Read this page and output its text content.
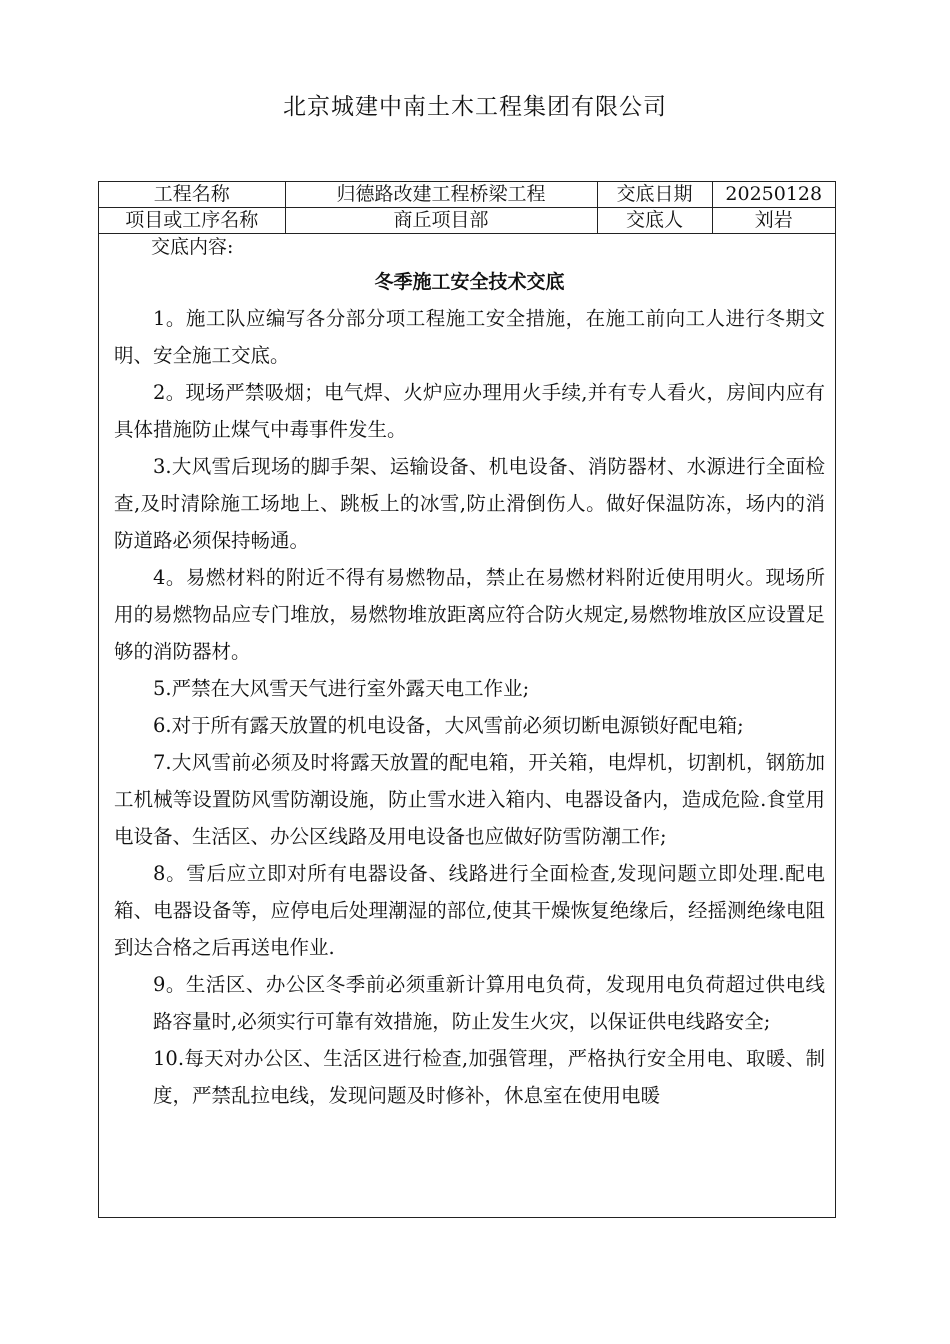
北京城建中南土木工程集团有限公司
工程名称	归德路改建工程桥梁工程	交底日期	20250128
项目或工序名称	商丘项目部	交底人	刘岩
交底内容:
冬季施工安全技术交底

1。施工队应编写各分部分项工程施工安全措施，在施工前向工人进行冬期文明、安全施工交底。

2。现场严禁吸烟；电气焊、火炉应办理用火手续,并有专人看火，房间内应有具体措施防止煤气中毒事件发生。

3.大风雪后现场的脚手架、运输设备、机电设备、消防器材、水源进行全面检查,及时清除施工场地上、跳板上的冰雪,防止滑倒伤人。做好保温防冻，场内的消防道路必须保持畅通。

4。易燃材料的附近不得有易燃物品，禁止在易燃材料附近使用明火。现场所用的易燃物品应专门堆放，易燃物堆放距离应符合防火规定,易燃物堆放区应设置足够的消防器材。

5.严禁在大风雪天气进行室外露天电工作业;

6.对于所有露天放置的机电设备，大风雪前必须切断电源锁好配电箱;

7.大风雪前必须及时将露天放置的配电箱，开关箱，电焊机，切割机，钢筋加工机械等设置防风雪防潮设施，防止雪水进入箱内、电器设备内，造成危险.食堂用电设备、生活区、办公区线路及用电设备也应做好防雪防潮工作;

8。雪后应立即对所有电器设备、线路进行全面检查,发现问题立即处理.配电箱、电器设备等，应停电后处理潮湿的部位,使其干燥恢复绝缘后，经摇测绝缘电阻到达合格之后再送电作业.

9。生活区、办公区冬季前必须重新计算用电负荷，发现用电负荷超过供电线路容量时,必须实行可靠有效措施，防止发生火灾，以保证供电线路安全;

10.每天对办公区、生活区进行检查,加强管理，严格执行安全用电、取暖、制度，严禁乱拉电线，发现问题及时修补，休息室在使用电暖
